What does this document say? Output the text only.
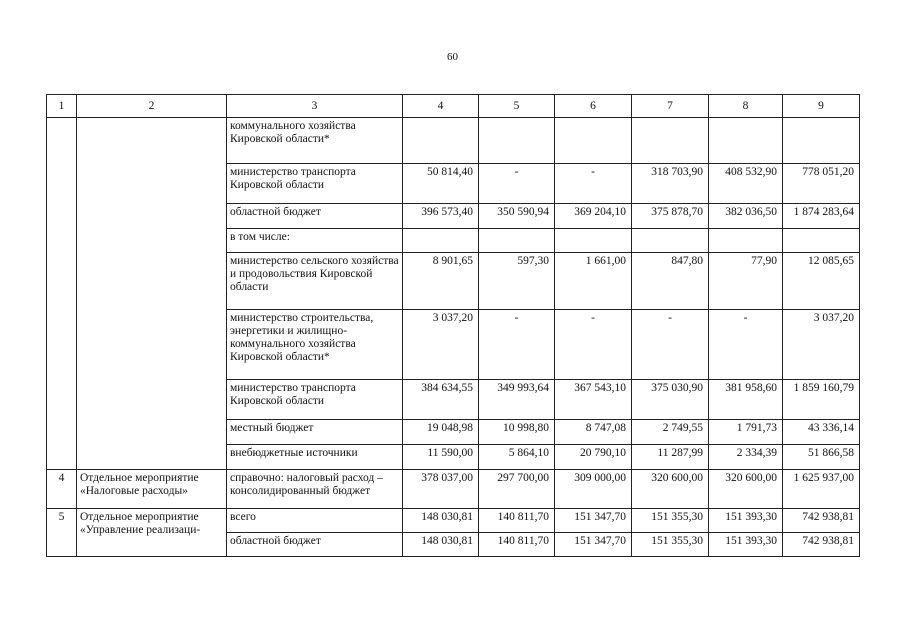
60
1	2	3	4	5	6	7	8	9
		коммунального хозяйства Кировской области*						
		министерство транспорта Кировской области	50 814,40	-	-	318 703,90	408 532,90	778 051,20
		областной бюджет	396 573,40	350 590,94	369 204,10	375 878,70	382 036,50	1 874 283,64
		в том числе:						
		министерство сельского хозяйства и продовольствия Кировской области	8 901,65	597,30	1 661,00	847,80	77,90	12 085,65
		министерство строительства, энергетики и жилищно-коммунального хозяйства Кировской области*	3 037,20	-	-	-	-	3 037,20
		министерство транспорта Кировской области	384 634,55	349 993,64	367 543,10	375 030,90	381 958,60	1 859 160,79
		местный бюджет	19 048,98	10 998,80	8 747,08	2 749,55	1 791,73	43 336,14
		внебюджетные источники	11 590,00	5 864,10	20 790,10	11 287,99	2 334,39	51 866,58
4	Отдельное мероприятие «Налоговые расходы»	справочно: налоговый расход – консолидированный бюджет	378 037,00	297 700,00	309 000,00	320 600,00	320 600,00	1 625 937,00
5	Отдельное мероприятие «Управление реализаци-	всего	148 030,81	140 811,70	151 347,70	151 355,30	151 393,30	742 938,81
		областной бюджет	148 030,81	140 811,70	151 347,70	151 355,30	151 393,30	742 938,81
